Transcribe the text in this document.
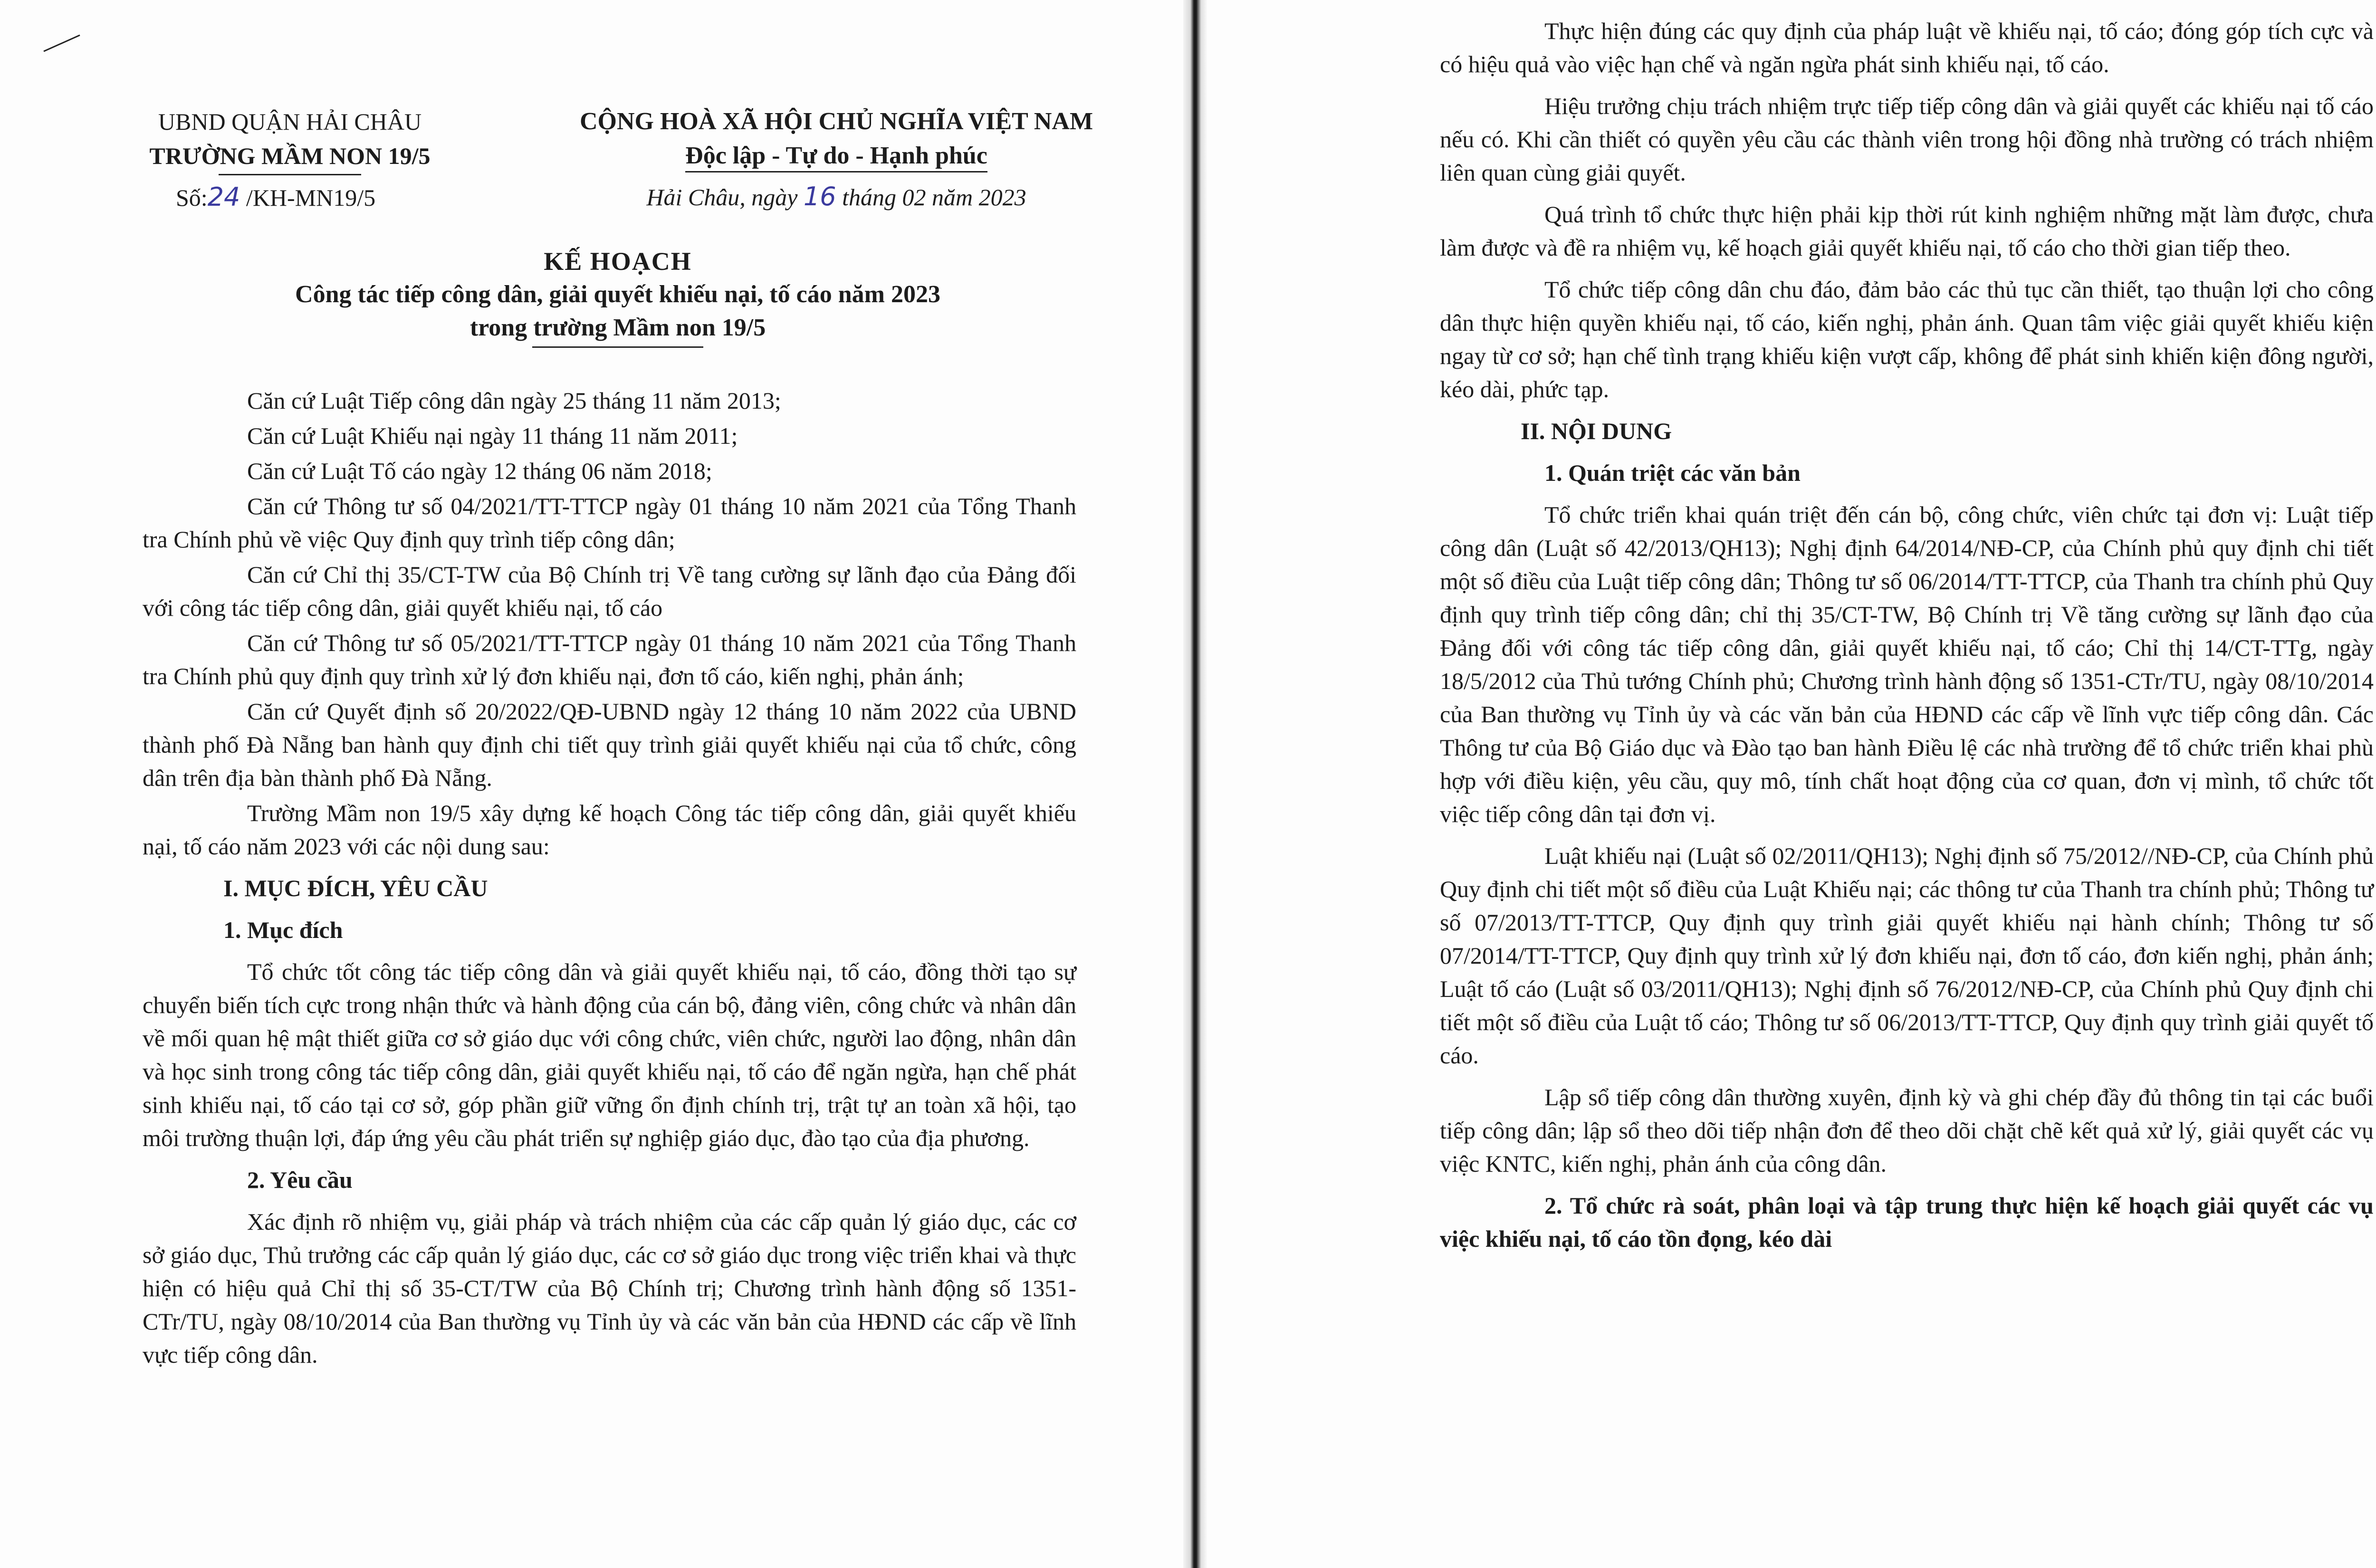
UBND QUẬN HẢI CHÂU
TRƯỜNG MẦM NON 19/5
Số:24 /KH-MN19/5
CỘNG HOÀ XÃ HỘI CHỦ NGHĨA VIỆT NAM
Độc lập - Tự do - Hạnh phúc
Hải Châu, ngày 16 tháng 02 năm 2023
KẾ HOẠCH
Công tác tiếp công dân, giải quyết khiếu nại, tố cáo năm 2023
trong trường Mầm non 19/5

Căn cứ Luật Tiếp công dân ngày 25 tháng 11 năm 2013;

Căn cứ Luật Khiếu nại ngày 11 tháng 11 năm 2011;

Căn cứ Luật Tố cáo ngày 12 tháng 06 năm 2018;

Căn cứ Thông tư số 04/2021/TT-TTCP ngày 01 tháng 10 năm 2021 của Tổng Thanh tra Chính phủ về việc Quy định quy trình tiếp công dân;

Căn cứ Chỉ thị 35/CT-TW của Bộ Chính trị Về tang cường sự lãnh đạo của Đảng đối với công tác tiếp công dân, giải quyết khiếu nại, tố cáo

Căn cứ Thông tư số 05/2021/TT-TTCP ngày 01 tháng 10 năm 2021 của Tổng Thanh tra Chính phủ quy định quy trình xử lý đơn khiếu nại, đơn tố cáo, kiến nghị, phản ánh;

Căn cứ Quyết định số 20/2022/QĐ-UBND ngày 12 tháng 10 năm 2022 của UBND thành phố Đà Nẵng ban hành quy định chi tiết quy trình giải quyết khiếu nại của tổ chức, công dân trên địa bàn thành phố Đà Nẵng.

Trường Mầm non 19/5 xây dựng kế hoạch Công tác tiếp công dân, giải quyết khiếu nại, tố cáo năm 2023 với các nội dung sau:

I. MỤC ĐÍCH, YÊU CẦU
1. Mục đích

Tổ chức tốt công tác tiếp công dân và giải quyết khiếu nại, tố cáo, đồng thời tạo sự chuyển biến tích cực trong nhận thức và hành động của cán bộ, đảng viên, công chức và nhân dân về mối quan hệ mật thiết giữa cơ sở giáo dục với công chức, viên chức, người lao động, nhân dân và học sinh trong công tác tiếp công dân, giải quyết khiếu nại, tố cáo để ngăn ngừa, hạn chế phát sinh khiếu nại, tố cáo tại cơ sở, góp phần giữ vững ổn định chính trị, trật tự an toàn xã hội, tạo môi trường thuận lợi, đáp ứng yêu cầu phát triển sự nghiệp giáo dục, đào tạo của địa phương.

2. Yêu cầu

Xác định rõ nhiệm vụ, giải pháp và trách nhiệm của các cấp quản lý giáo dục, các cơ sở giáo dục, Thủ trưởng các cấp quản lý giáo dục, các cơ sở giáo dục trong việc triển khai và thực hiện có hiệu quả Chỉ thị số 35-CT/TW của Bộ Chính trị; Chương trình hành động số 1351-CTr/TU, ngày 08/10/2014 của Ban thường vụ Tỉnh ủy và các văn bản của HĐND các cấp về lĩnh vực tiếp công dân.

Thực hiện đúng các quy định của pháp luật về khiếu nại, tố cáo; đóng góp tích cực và có hiệu quả vào việc hạn chế và ngăn ngừa phát sinh khiếu nại, tố cáo.

Hiệu trưởng chịu trách nhiệm trực tiếp tiếp công dân và giải quyết các khiếu nại tố cáo nếu có. Khi cần thiết có quyền yêu cầu các thành viên trong hội đồng nhà trường có trách nhiệm liên quan cùng giải quyết.

Quá trình tổ chức thực hiện phải kịp thời rút kinh nghiệm những mặt làm được, chưa làm được và đề ra nhiệm vụ, kế hoạch giải quyết khiếu nại, tố cáo cho thời gian tiếp theo.

Tổ chức tiếp công dân chu đáo, đảm bảo các thủ tục cần thiết, tạo thuận lợi cho công dân thực hiện quyền khiếu nại, tố cáo, kiến nghị, phản ánh. Quan tâm việc giải quyết khiếu kiện ngay từ cơ sở; hạn chế tình trạng khiếu kiện vượt cấp, không để phát sinh khiến kiện đông người, kéo dài, phức tạp.

II. NỘI DUNG
1. Quán triệt các văn bản

Tổ chức triển khai quán triệt đến cán bộ, công chức, viên chức tại đơn vị: Luật tiếp công dân (Luật số 42/2013/QH13); Nghị định 64/2014/NĐ-CP, của Chính phủ quy định chi tiết một số điều của Luật tiếp công dân; Thông tư số 06/2014/TT-TTCP, của Thanh tra chính phủ Quy định quy trình tiếp công dân; chỉ thị 35/CT-TW, Bộ Chính trị Về tăng cường sự lãnh đạo của Đảng đối với công tác tiếp công dân, giải quyết khiếu nại, tố cáo; Chỉ thị 14/CT-TTg, ngày 18/5/2012 của Thủ tướng Chính phủ; Chương trình hành động số 1351-CTr/TU, ngày 08/10/2014 của Ban thường vụ Tỉnh ủy và các văn bản của HĐND các cấp về lĩnh vực tiếp công dân. Các Thông tư của Bộ Giáo dục và Đào tạo ban hành Điều lệ các nhà trường để tổ chức triển khai phù hợp với điều kiện, yêu cầu, quy mô, tính chất hoạt động của cơ quan, đơn vị mình, tổ chức tốt việc tiếp công dân tại đơn vị.

Luật khiếu nại (Luật số 02/2011/QH13); Nghị định số 75/2012//NĐ-CP, của Chính phủ Quy định chi tiết một số điều của Luật Khiếu nại; các thông tư của Thanh tra chính phủ; Thông tư số 07/2013/TT-TTCP, Quy định quy trình giải quyết khiếu nại hành chính; Thông tư số 07/2014/TT-TTCP, Quy định quy trình xử lý đơn khiếu nại, đơn tố cáo, đơn kiến nghị, phản ánh; Luật tố cáo (Luật số 03/2011/QH13); Nghị định số 76/2012/NĐ-CP, của Chính phủ Quy định chi tiết một số điều của Luật tố cáo; Thông tư số 06/2013/TT-TTCP, Quy định quy trình giải quyết tố cáo.

Lập sổ tiếp công dân thường xuyên, định kỳ và ghi chép đầy đủ thông tin tại các buổi tiếp công dân; lập sổ theo dõi tiếp nhận đơn để theo dõi chặt chẽ kết quả xử lý, giải quyết các vụ việc KNTC, kiến nghị, phản ánh của công dân.

2. Tổ chức rà soát, phân loại và tập trung thực hiện kế hoạch giải quyết các vụ việc khiếu nại, tố cáo tồn đọng, kéo dài
